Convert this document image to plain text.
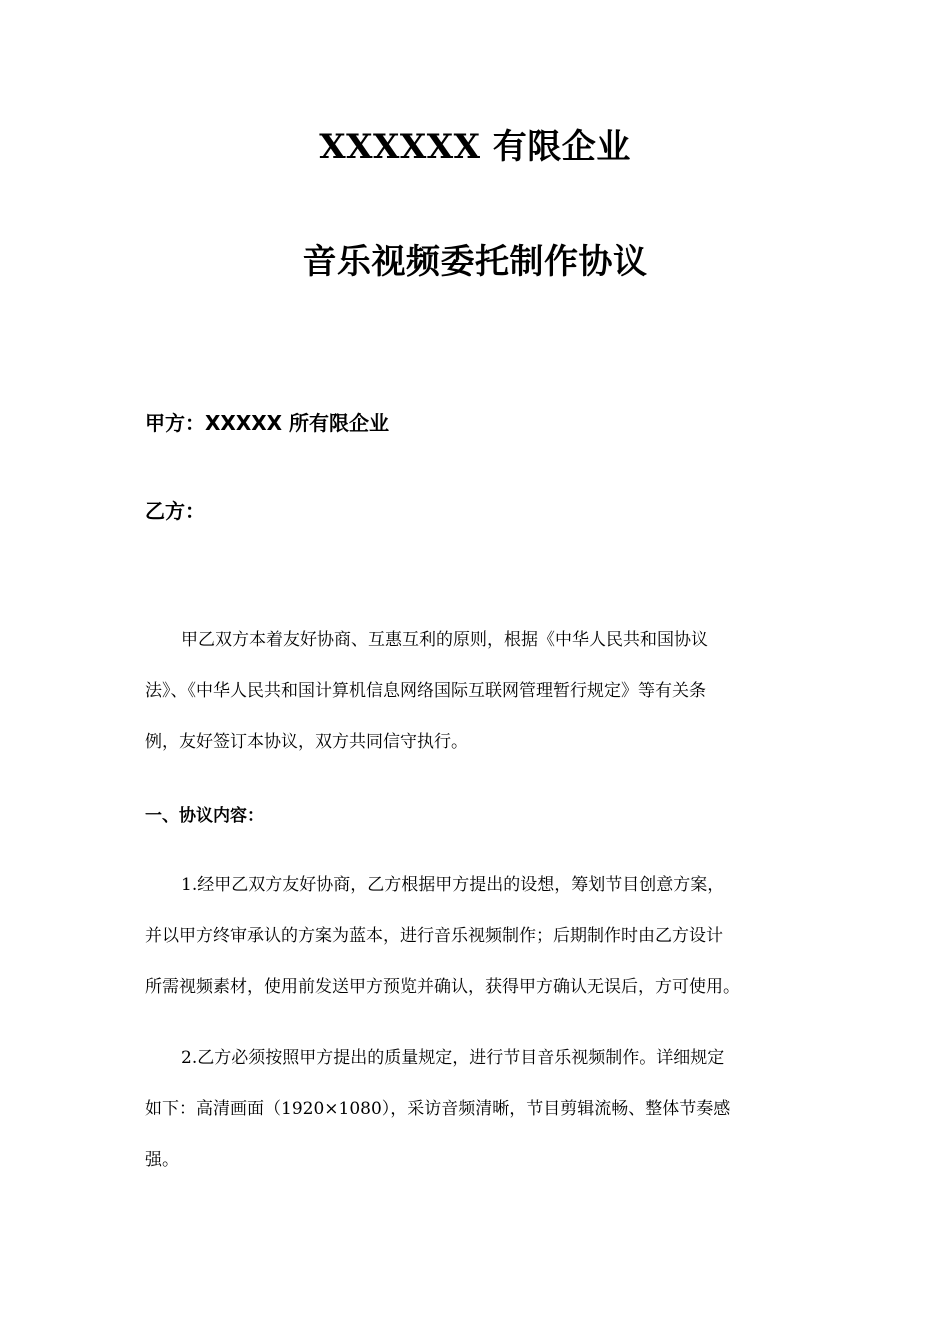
XXXXXX 有限企业
音乐视频委托制作协议
甲方：XXXXX 所有限企业
乙方：
甲乙双方本着友好协商、互惠互利的原则，根据《中华人民共和国协议
法》、《中华人民共和国计算机信息网络国际互联网管理暂行规定》等有关条
例，友好签订本协议，双方共同信守执行。
一、协议内容：
1.经甲乙双方友好协商，乙方根据甲方提出的设想，筹划节目创意方案，
并以甲方终审承认的方案为蓝本，进行音乐视频制作；后期制作时由乙方设计
所需视频素材，使用前发送甲方预览并确认，获得甲方确认无误后，方可使用。
2.乙方必须按照甲方提出的质量规定，进行节目音乐视频制作。详细规定
如下：高清画面（1920×1080），采访音频清晰，节目剪辑流畅、整体节奏感
强。
